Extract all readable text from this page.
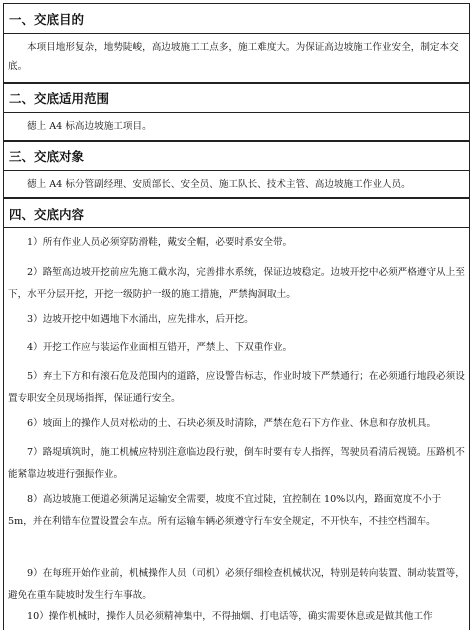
一、交底目的
本项目地形复杂，地势陡峻，高边坡施工工点多，施工难度大。为保证高边坡施工作业安全，制定本交底。
二、交底适用范围
德上 A4 标高边坡施工项目。
三、交底对象
德上 A4 标分管副经理、安质部长、安全员、施工队长、技术主管、高边坡施工作业人员。
四、交底内容
1）所有作业人员必须穿防滑鞋，戴安全帽，必要时系安全带。
2）路堑高边坡开挖前应先施工截水沟，完善排水系统，保证边坡稳定。边坡开挖中必须严格遵守从上至下，水平分层开挖，开挖一级防护一级的施工措施，严禁掏洞取土。
3）边坡开挖中如遇地下水涌出，应先排水，后开挖。
4）开挖工作应与装运作业面相互错开，严禁上、下双重作业。
5）弃土下方和有滚石危及范围内的道路，应设警告标志，作业时坡下严禁通行；在必须通行地段必须设置专职安全员现场指挥，保证通行安全。
6）坡面上的操作人员对松动的土、石块必须及时清除，严禁在危石下方作业、休息和存放机具。
7）路堤填筑时，施工机械应特别注意临边段行驶，倒车时要有专人指挥，驾驶员看清后视镜。压路机不能紧靠边坡进行强振作业。
8）高边坡施工便道必须满足运输安全需要，坡度不宜过陡，宜控制在 10%以内，路面宽度不小于 5m，并在利错车位置设置会车点。所有运输车辆必须遵守行车安全规定，不开快车，不挂空档溜车。
9）在每班开始作业前，机械操作人员（司机）必须仔细检查机械状况，特别是转向装置、制动装置等，避免在重车陡坡时发生行车事故。
10）操作机械时，操作人员必须精神集中，不得抽烟、打电话等，确实需要休息或是做其他工作
